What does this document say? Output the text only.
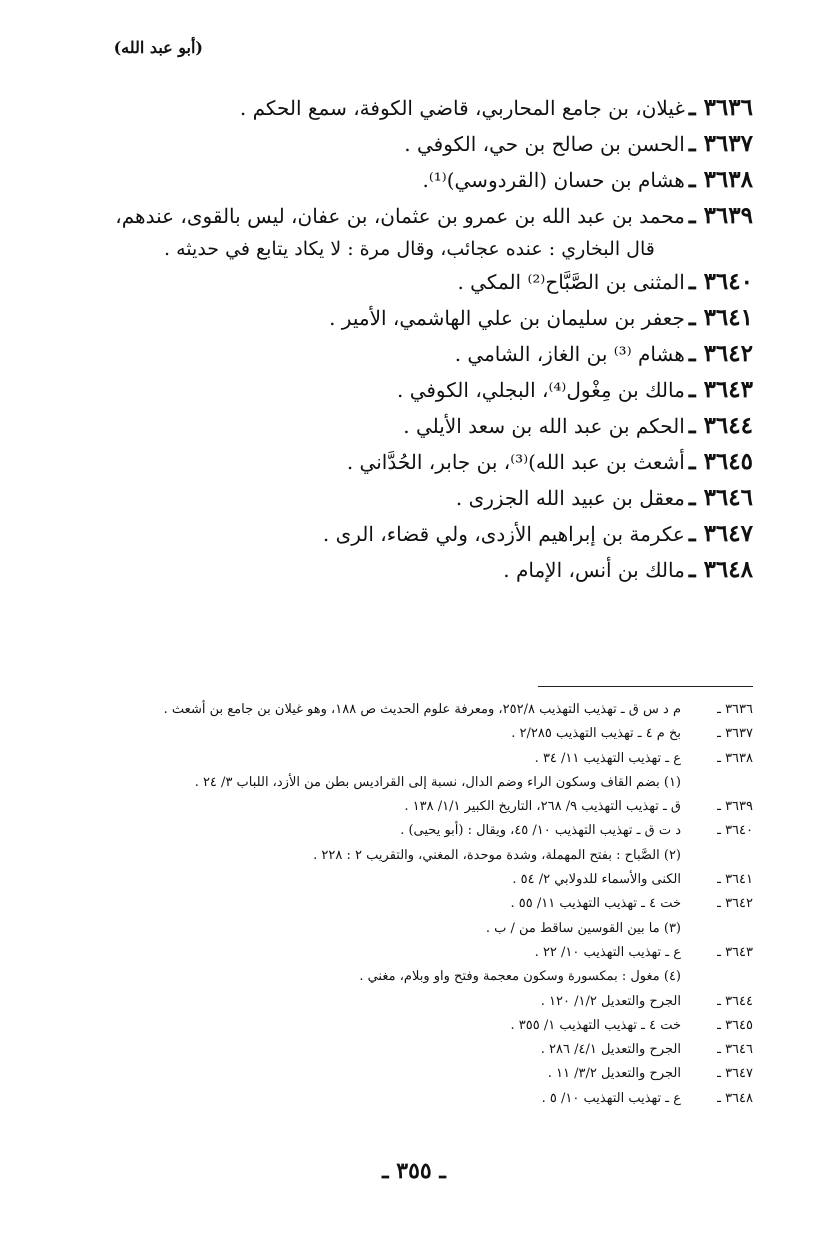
(أبو عبد الله)
٣٦٣٦ ـ
غيلان، بن جامع المحاربي، قاضي الكوفة، سمع الحكم .
٣٦٣٧ ـ
الحسن بن صالح بن حي، الكوفي .
٣٦٣٨ ـ
هشام بن حسان (القردوسي)⁽¹⁾.
٣٦٣٩ ـ
محمد بن عبد الله بن عمرو بن عثمان، بن عفان، ليس بالقوى، عندهم،
قال البخاري : عنده عجائب، وقال مرة : لا يكاد يتابع في حديثه .
٣٦٤٠ ـ
المثنى بن الصَّبَّاح⁽²⁾ المكي .
٣٦٤١ ـ
جعفر بن سليمان بن علي الهاشمي، الأمير .
٣٦٤٢ ـ
هشام ⁽³⁾ بن الغاز، الشامي .
٣٦٤٣ ـ
مالك بن مِغْول⁽⁴⁾، البجلي، الكوفي .
٣٦٤٤ ـ
الحكم بن عبد الله بن سعد الأيلي .
٣٦٤٥ ـ
أشعث بن عبد الله)⁽³⁾، بن جابر، الحُدَّاني .
٣٦٤٦ ـ
معقل بن عبيد الله الجزرى .
٣٦٤٧ ـ
عكرمة بن إبراهيم الأزدى، ولي قضاء، الرى .
٣٦٤٨ ـ
مالك بن أنس، الإمام .
٣٦٣٦ ـ
م د س ق ـ تهذيب التهذيب ٢٥٢/٨، ومعرفة علوم الحديث ص ١٨٨، وهو غيلان بن جامع بن أشعث .
٣٦٣٧ ـ
بخ م ٤ ـ تهذيب التهذيب ٢/٢٨٥ .
٣٦٣٨ ـ
ع ـ تهذيب التهذيب ١١/ ٣٤ .
(١) بضم القاف وسكون الراء وضم الدال، نسبة إلى القراديس بطن من الأزد، اللباب ٣/ ٢٤ .
٣٦٣٩ ـ
ق ـ تهذيب التهذيب ٩/ ٢٦٨، التاريخ الكبير ١/١/ ١٣٨ .
٣٦٤٠ ـ
د ت ق ـ تهذيب التهذيب ١٠/ ٤٥، ويقال : (أبو يحيى) .
(٢) الصَّباح : بفتح المهملة، وشدة موحدة، المغني، والتقريب ٢ : ٢٢٨ .
٣٦٤١ ـ
الكنى والأسماء للدولابي ٢/ ٥٤ .
٣٦٤٢ ـ
خت ٤ ـ تهذيب التهذيب ١١/ ٥٥ .
(٣) ما بين القوسين ساقط من / ب .
٣٦٤٣ ـ
ع ـ تهذيب التهذيب ١٠/ ٢٢ .
(٤) مغول : بمكسورة وسكون معجمة وفتح واو وبلام، مغني .
٣٦٤٤ ـ
الجرح والتعديل ١/٢/ ١٢٠ .
٣٦٤٥ ـ
خت ٤ ـ تهذيب التهذيب ١/ ٣٥٥ .
٣٦٤٦ ـ
الجرح والتعديل ٤/١/ ٢٨٦ .
٣٦٤٧ ـ
الجرح والتعديل ٣/٢/ ١١ .
٣٦٤٨ ـ
ع ـ تهذيب التهذيب ١٠/ ٥ .
ـ ٣٥٥ ـ
